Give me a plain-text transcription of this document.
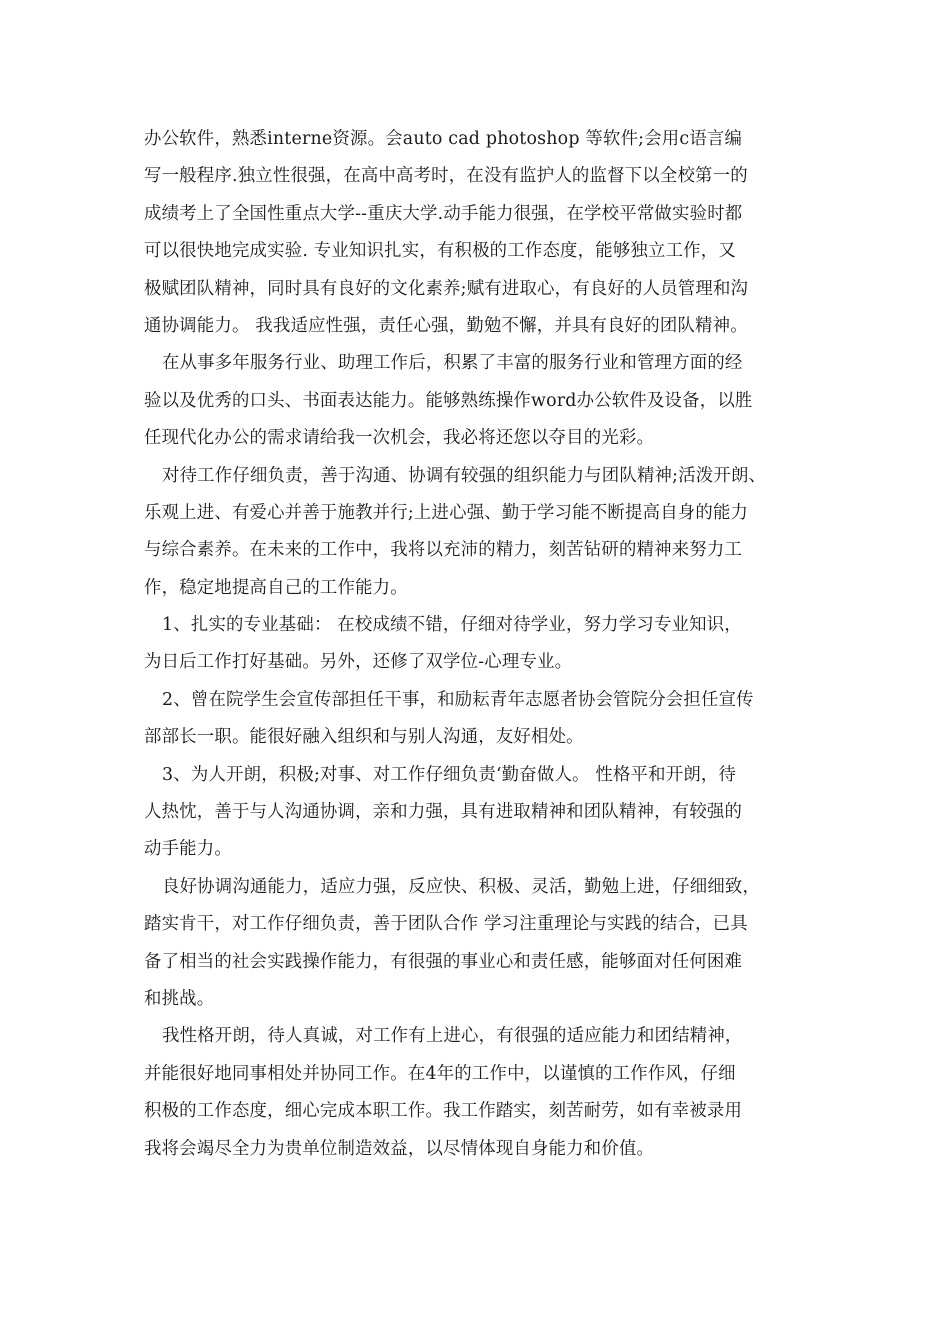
办公软件，熟悉interne资源。会auto cad photoshop 等软件;会用c语言编
写一般程序.独立性很强，在高中高考时，在没有监护人的监督下以全校第一的
成绩考上了全国性重点大学--重庆大学.动手能力很强，在学校平常做实验时都
可以很快地完成实验. 专业知识扎实，有积极的工作态度，能够独立工作，又
极赋团队精神，同时具有良好的文化素养;赋有进取心，有良好的人员管理和沟
通协调能力。 我我适应性强，责任心强，勤勉不懈，并具有良好的团队精神。
在从事多年服务行业、助理工作后，积累了丰富的服务行业和管理方面的经
验以及优秀的口头、书面表达能力。能够熟练操作word办公软件及设备，以胜
任现代化办公的需求请给我一次机会，我必将还您以夺目的光彩。
对待工作仔细负责，善于沟通、协调有较强的组织能力与团队精神;活泼开朗、
乐观上进、有爱心并善于施教并行;上进心强、勤于学习能不断提高自身的能力
与综合素养。在未来的工作中，我将以充沛的精力，刻苦钻研的精神来努力工
作，稳定地提高自己的工作能力。
1、扎实的专业基础： 在校成绩不错，仔细对待学业，努力学习专业知识，
为日后工作打好基础。另外，还修了双学位-心理专业。
2、曾在院学生会宣传部担任干事，和励耘青年志愿者协会管院分会担任宣传
部部长一职。能很好融入组织和与别人沟通，友好相处。
3、为人开朗，积极;对事、对工作仔细负责‘勤奋做人。 性格平和开朗，待
人热忱，善于与人沟通协调，亲和力强，具有进取精神和团队精神，有较强的
动手能力。
良好协调沟通能力，适应力强，反应快、积极、灵活，勤勉上进，仔细细致，
踏实肯干，对工作仔细负责，善于团队合作 学习注重理论与实践的结合，已具
备了相当的社会实践操作能力，有很强的事业心和责任感，能够面对任何困难
和挑战。
我性格开朗，待人真诚，对工作有上进心，有很强的适应能力和团结精神，
并能很好地同事相处并协同工作。在4年的工作中，以谨慎的工作作风，仔细
积极的工作态度，细心完成本职工作。我工作踏实，刻苦耐劳，如有幸被录用
我将会竭尽全力为贵单位制造效益，以尽情体现自身能力和价值。
